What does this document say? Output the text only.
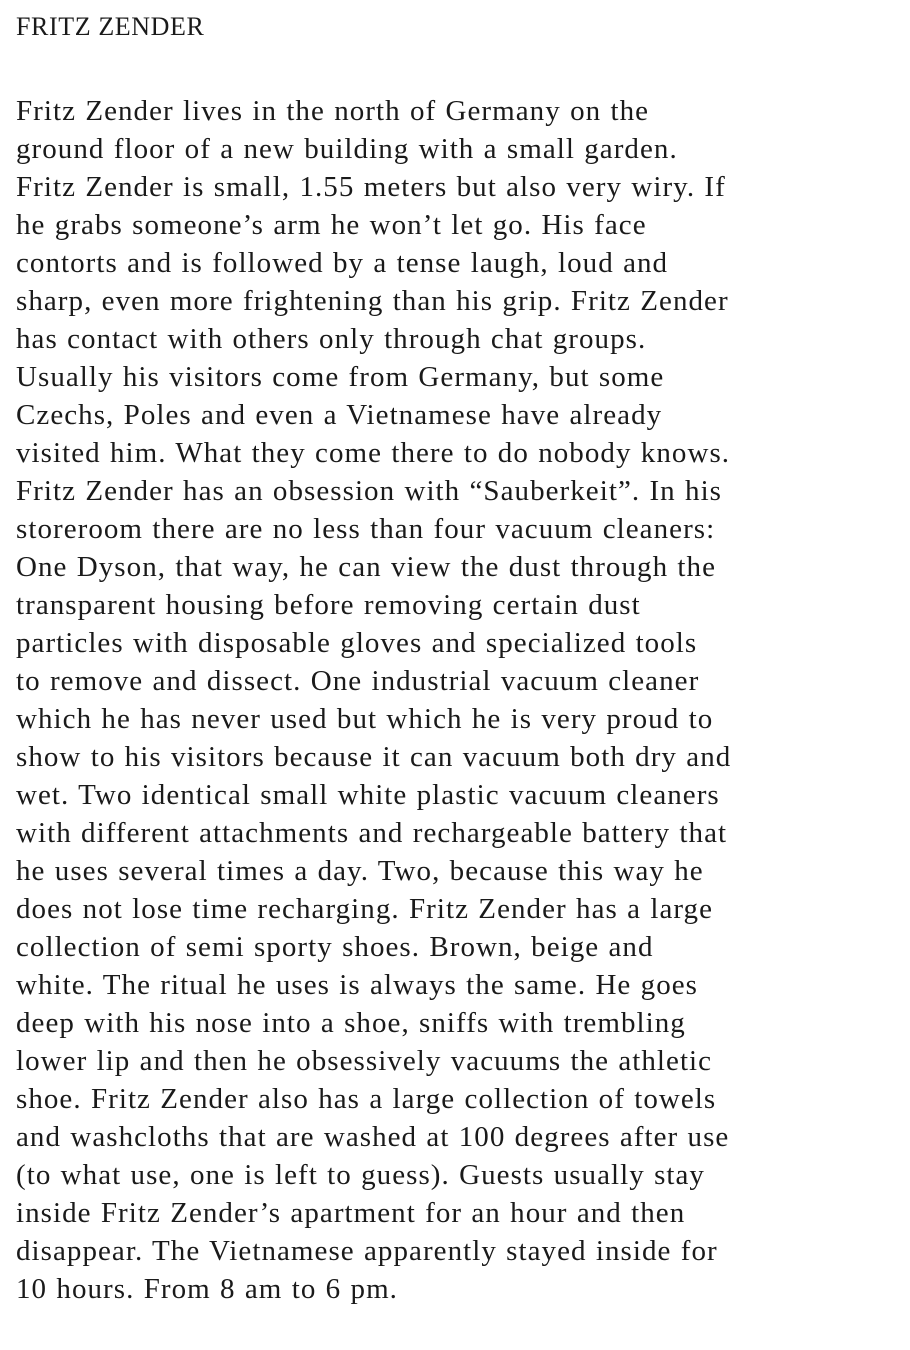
FRITZ ZENDER
Fritz Zender lives in the north of Germany on the
ground floor of a new building with a small garden.
Fritz Zender is small, 1.55 meters but also very wiry. If
he grabs someone’s arm he won’t let go. His face
contorts and is followed by a tense laugh, loud and
sharp, even more frightening than his grip. Fritz Zender
has contact with others only through chat groups.
Usually his visitors come from Germany, but some
Czechs, Poles and even a Vietnamese have already
visited him. What they come there to do nobody knows.
Fritz Zender has an obsession with “Sauberkeit”. In his
storeroom there are no less than four vacuum cleaners:
One Dyson, that way, he can view the dust through the
transparent housing before removing certain dust
particles with disposable gloves and specialized tools
to remove and dissect. One industrial vacuum cleaner
which he has never used but which he is very proud to
show to his visitors because it can vacuum both dry and
wet. Two identical small white plastic vacuum cleaners
with different attachments and rechargeable battery that
he uses several times a day. Two, because this way he
does not lose time recharging. Fritz Zender has a large
collection of semi sporty shoes. Brown, beige and
white. The ritual he uses is always the same. He goes
deep with his nose into a shoe, sniffs with trembling
lower lip and then he obsessively vacuums the athletic
shoe. Fritz Zender also has a large collection of towels
and washcloths that are washed at 100 degrees after use
(to what use, one is left to guess). Guests usually stay
inside Fritz Zender’s apartment for an hour and then
disappear. The Vietnamese apparently stayed inside for
10 hours. From 8 am to 6 pm.
